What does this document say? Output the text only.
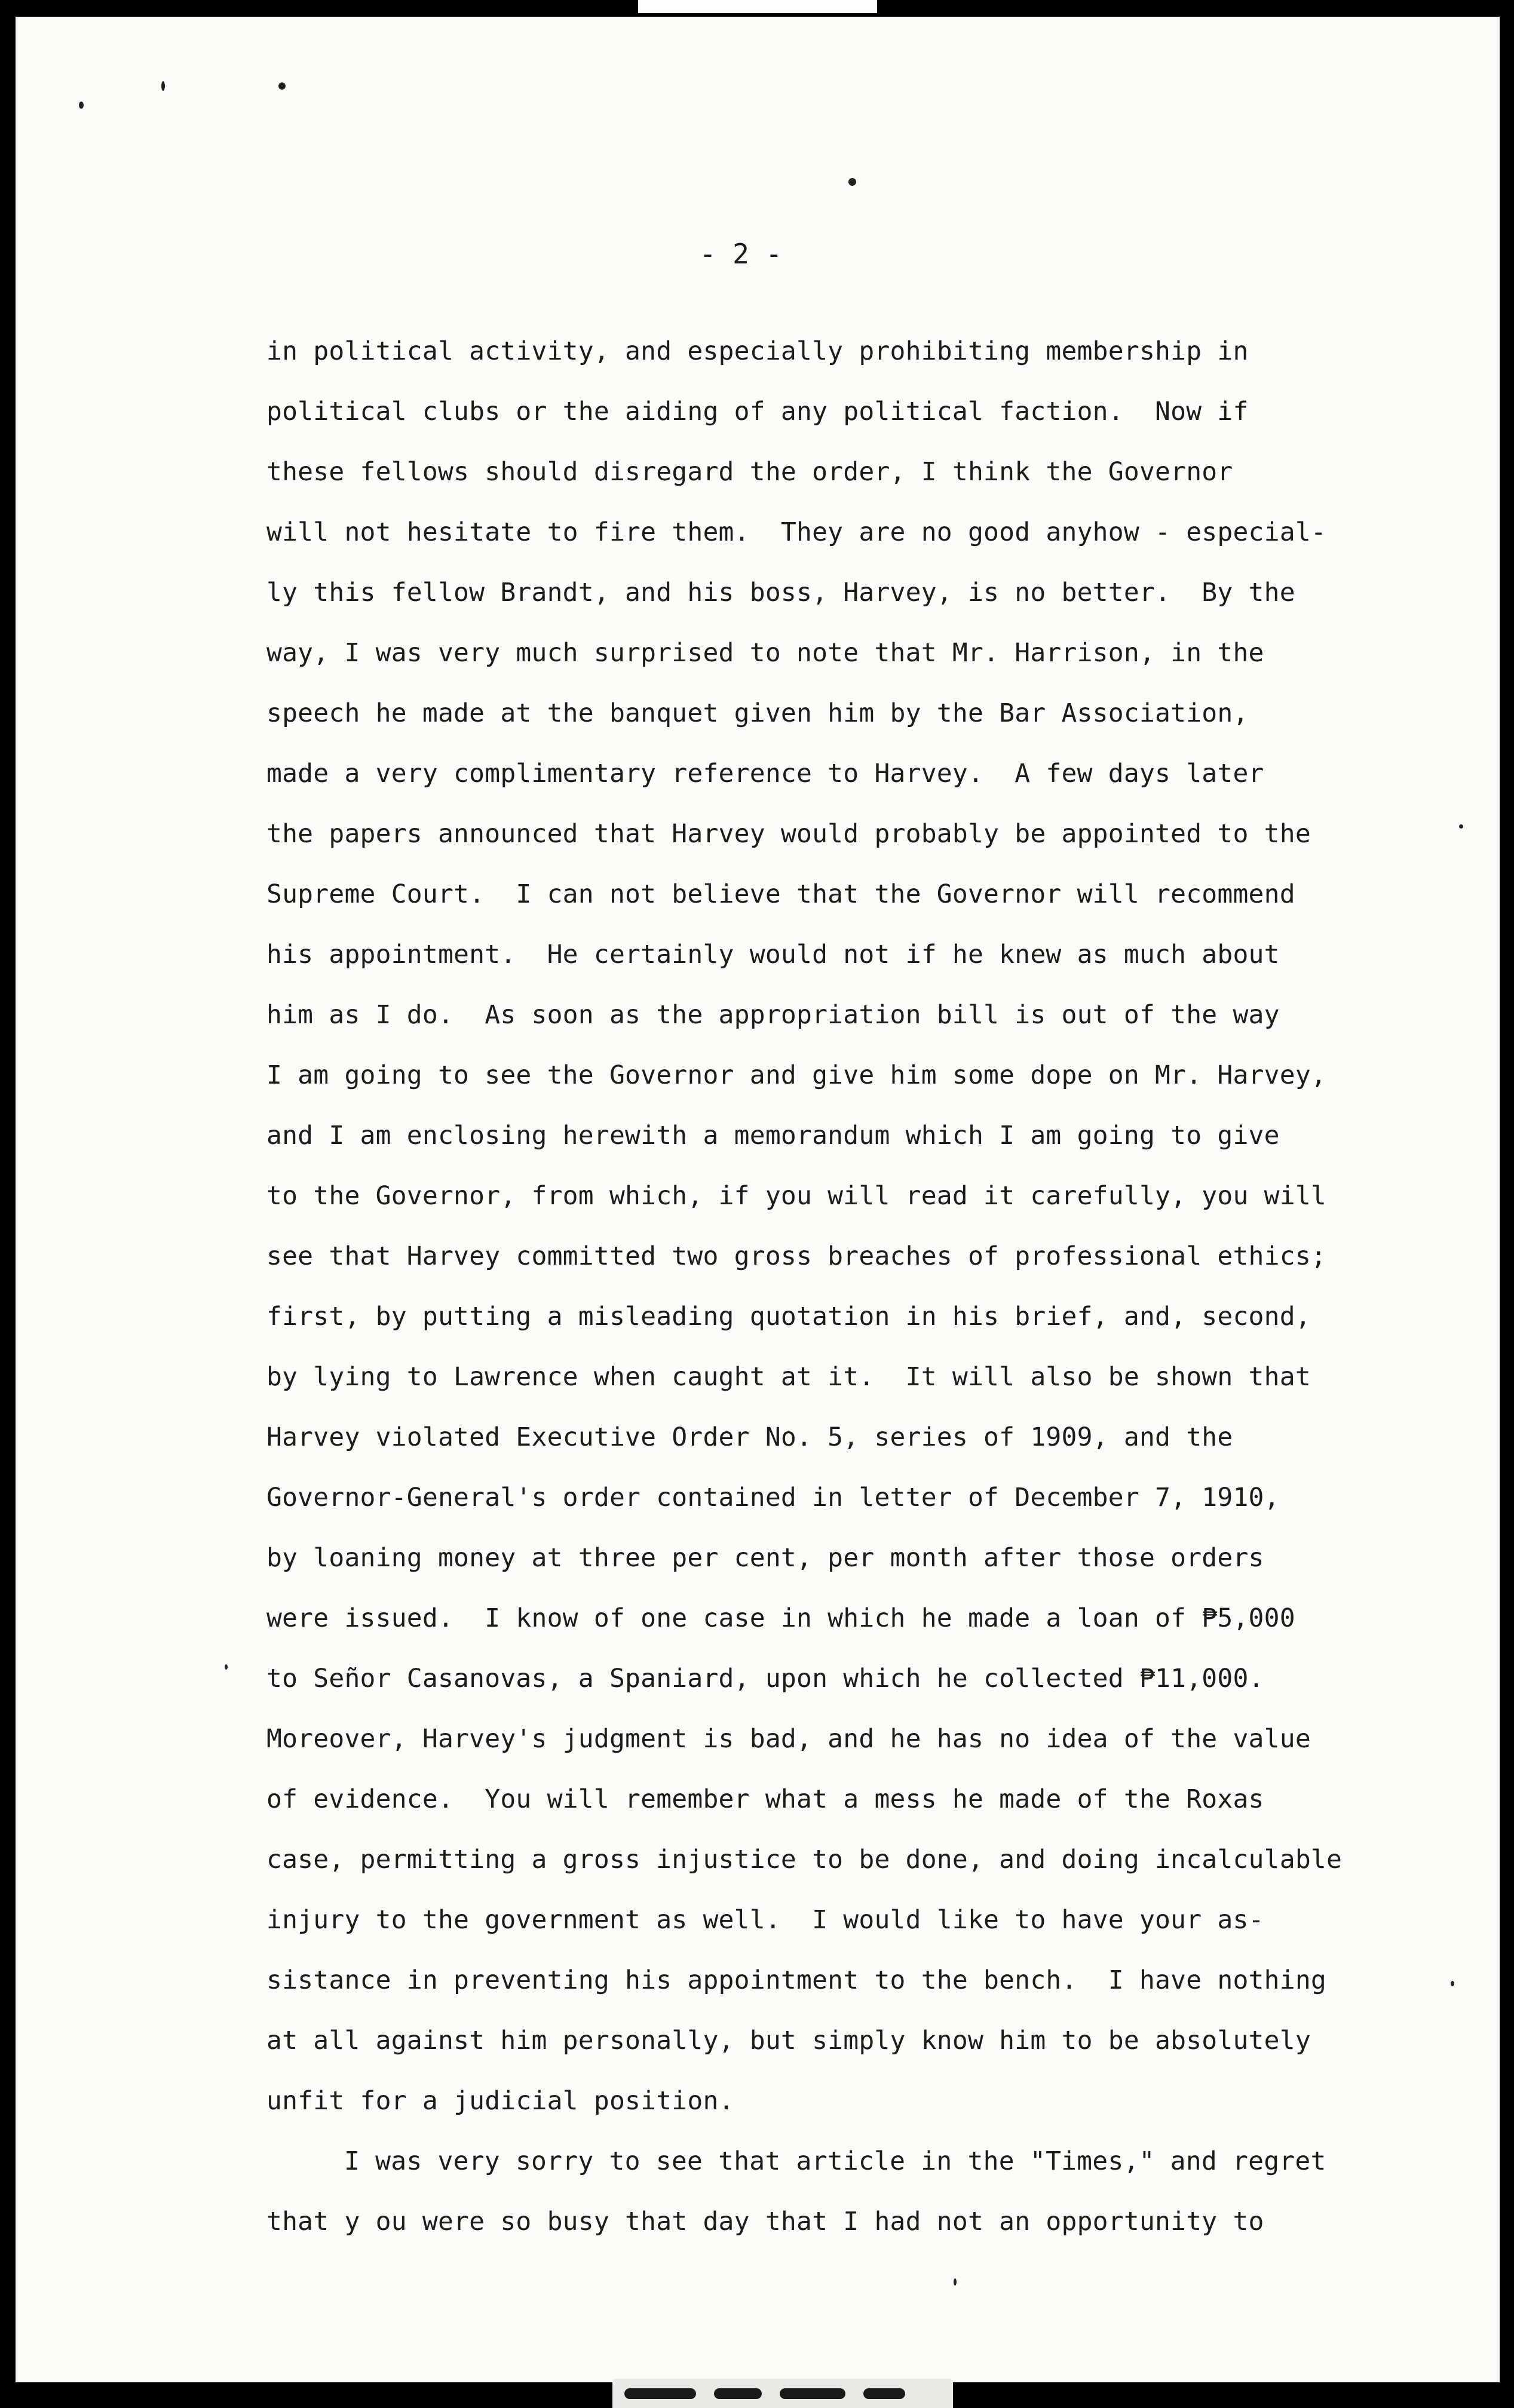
- 2 -
in political activity, and especially prohibiting membership in
political clubs or the aiding of any political faction.  Now if
these fellows should disregard the order, I think the Governor
will not hesitate to fire them.  They are no good anyhow - especial-
ly this fellow Brandt, and his boss, Harvey, is no better.  By the
way, I was very much surprised to note that Mr. Harrison, in the
speech he made at the banquet given him by the Bar Association,
made a very complimentary reference to Harvey.  A few days later
the papers announced that Harvey would probably be appointed to the
Supreme Court.  I can not believe that the Governor will recommend
his appointment.  He certainly would not if he knew as much about
him as I do.  As soon as the appropriation bill is out of the way
I am going to see the Governor and give him some dope on Mr. Harvey,
and I am enclosing herewith a memorandum which I am going to give
to the Governor, from which, if you will read it carefully, you will
see that Harvey committed two gross breaches of professional ethics;
first, by putting a misleading quotation in his brief, and, second,
by lying to Lawrence when caught at it.  It will also be shown that
Harvey violated Executive Order No. 5, series of 1909, and the
Governor-General's order contained in letter of December 7, 1910,
by loaning money at three per cent, per month after those orders
were issued.  I know of one case in which he made a loan of ₱5,000
to Señor Casanovas, a Spaniard, upon which he collected ₱11,000.
Moreover, Harvey's judgment is bad, and he has no idea of the value
of evidence.  You will remember what a mess he made of the Roxas
case, permitting a gross injustice to be done, and doing incalculable
injury to the government as well.  I would like to have your as-
sistance in preventing his appointment to the bench.  I have nothing
at all against him personally, but simply know him to be absolutely
unfit for a judicial position.
I was very sorry to see that article in the "Times," and regret
that y ou were so busy that day that I had not an opportunity to
